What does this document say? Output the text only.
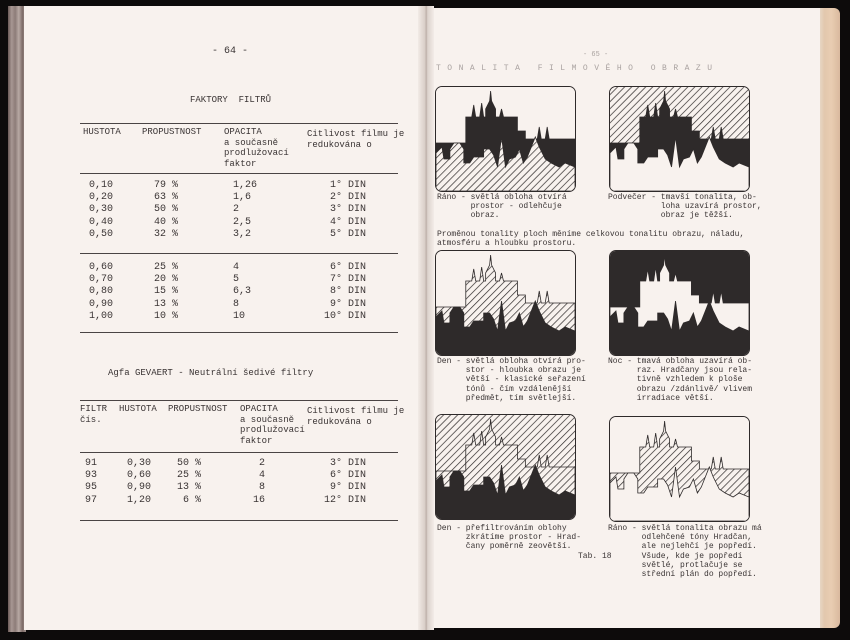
- 64 -
FAKTORY  FILTRŮ
HUSTOTA PROPUSTNOST	OPACITA
a současně
prodlužovací
faktor
Citlivost filmu je
redukována o
0,10	79 %	1,26	1° DIN
0,20	63 %	1,6	2° DIN
0,30	50 %	2	3° DIN
0,40	40 %	2,5	4° DIN
0,50	32 %	3,2	5° DIN
0,60	25 %	4	6° DIN
0,70	20 %	5	7° DIN
0,80	15 %	6,3	8° DIN
0,90	13 %	8	9° DIN
1,00	10 %	10	10° DIN
Agfa GEVAERT - Neutrální šedivé filtry
FILTR
čís.
HUSTOTA PROPUSTNOST OPACITA
a současně
prodlužovací
faktor
Citlivost filmu je
redukována o
91	0,30	50 %	2	3° DIN
93	0,60	25 %	4	6° DIN
95	0,90	13 %	8	9° DIN
97	1,20	6 %	16	12° DIN
- 65 -
TONALITA FILMOVÉHO OBRAZU
Ráno - světlá obloha otvírá
prostor - odlehčuje
obraz.
Podvečer - tmavší tonalita, ob-
loha uzavírá prostor,
obraz je těžší.
Proměnou tonality ploch měníme celkovou tonalitu obrazu, náladu,
atmosféru a hloubku prostoru.
Den - světlá obloha otvírá pro-
stor - hloubka obrazu je
větší - klasické seřazení
tónů - čím vzdálenější
předmět, tím světlejší.
Noc - tmavá obloha uzavírá ob-
raz. Hradčany jsou rela-
tivně vzhledem k ploše
obrazu /zdánlivě/ vlivem
irradiace větší.
Den - přefiltrováním oblohy
zkrátíme prostor - Hrad-
čany poměrně zeovětší.
Ráno - světlá tonalita obrazu má
odlehčené tóny Hradčan,
ale nejlehčí je popředí.
Všude, kde je popředí
světlé, protlačuje se
střední plán do popředí.
Tab. 18
